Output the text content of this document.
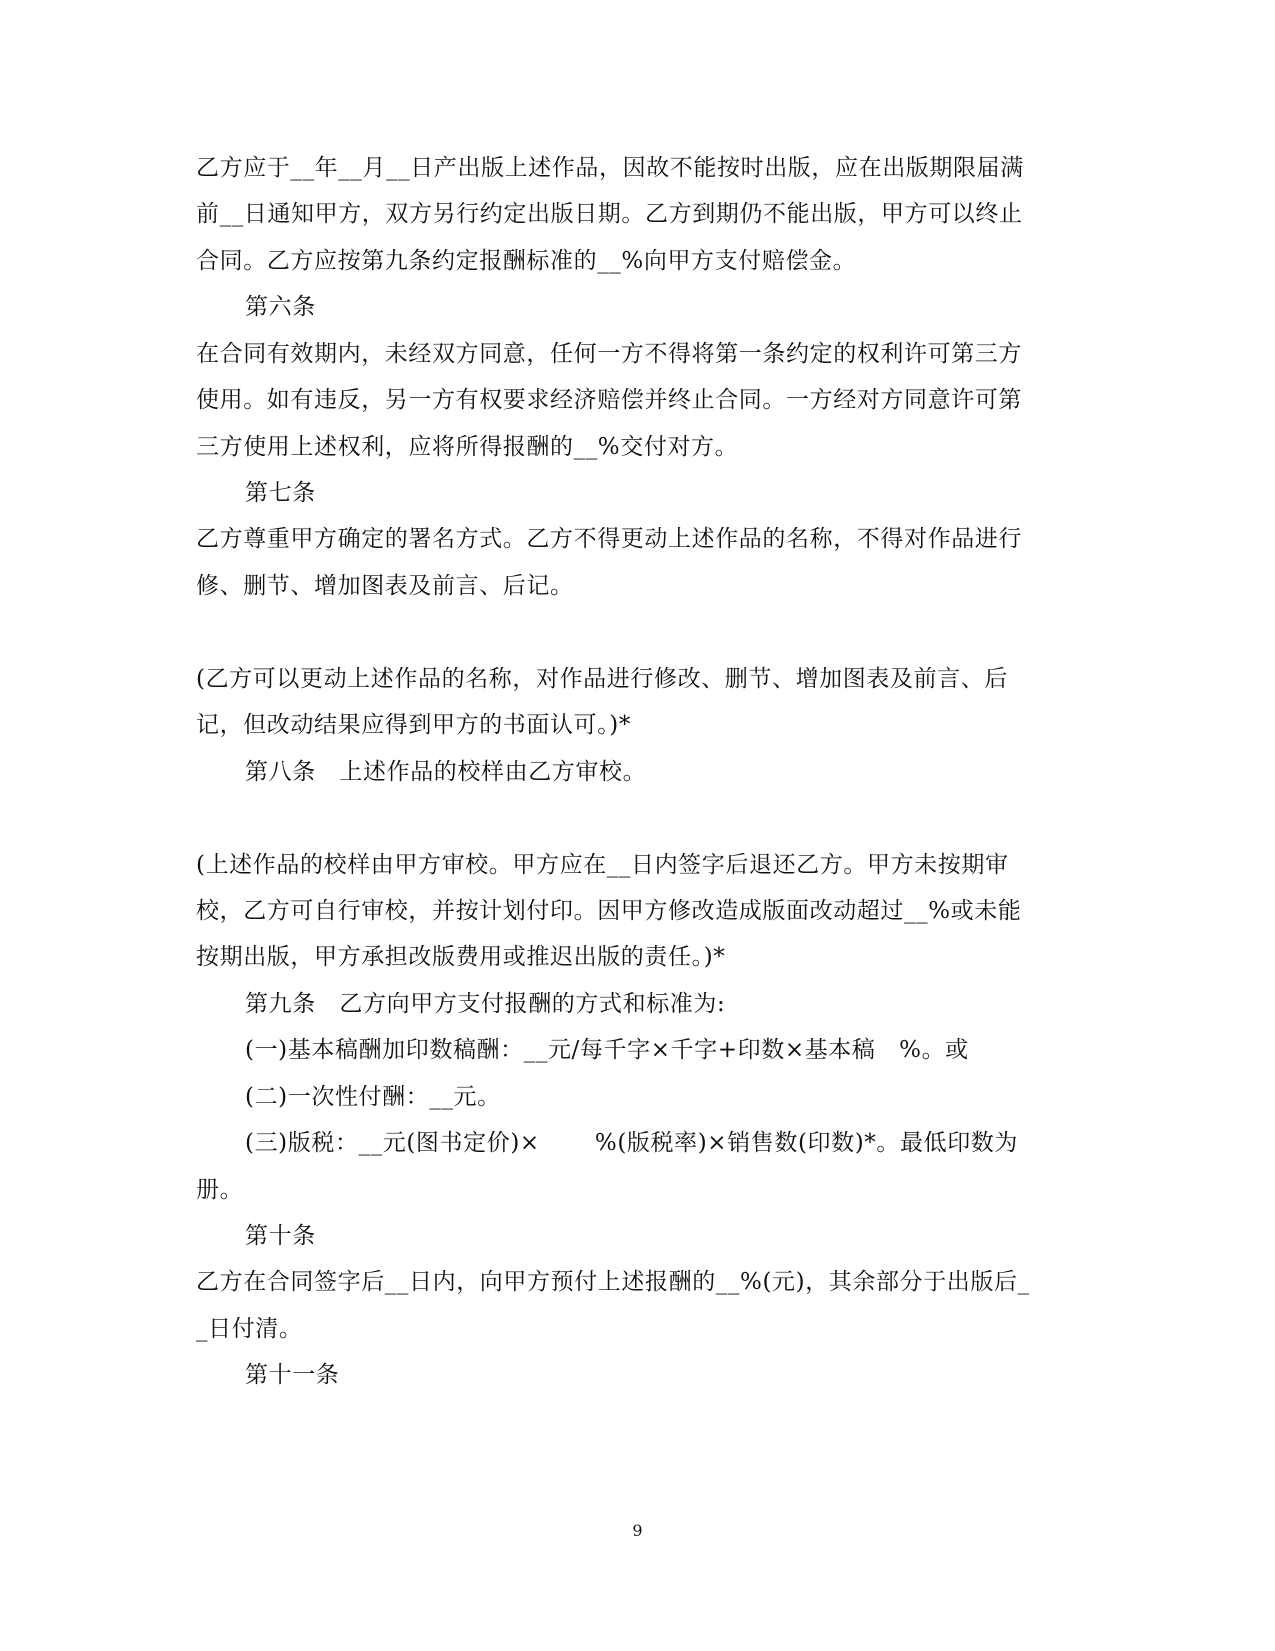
乙方应于__年__月__日产出版上述作品，因故不能按时出版，应在出版期限届满
前__日通知甲方，双方另行约定出版日期。乙方到期仍不能出版，甲方可以终止
合同。乙方应按第九条约定报酬标准的__%向甲方支付赔偿金。
第六条
在合同有效期内，未经双方同意，任何一方不得将第一条约定的权利许可第三方
使用。如有违反，另一方有权要求经济赔偿并终止合同。一方经对方同意许可第
三方使用上述权利，应将所得报酬的__%交付对方。
第七条
乙方尊重甲方确定的署名方式。乙方不得更动上述作品的名称，不得对作品进行
修、删节、增加图表及前言、后记。
(乙方可以更动上述作品的名称，对作品进行修改、删节、增加图表及前言、后
记，但改动结果应得到甲方的书面认可。)*
第八条　上述作品的校样由乙方审校。
(上述作品的校样由甲方审校。甲方应在__日内签字后退还乙方。甲方未按期审
校，乙方可自行审校，并按计划付印。因甲方修改造成版面改动超过__%或未能
按期出版，甲方承担改版费用或推迟出版的责任。)*
第九条　乙方向甲方支付报酬的方式和标准为:
(一)基本稿酬加印数稿酬：__元/每千字×千字+印数×基本稿　%。或
(二)一次性付酬：__元。
(三)版税：__元(图书定价)×　　 %(版税率)×销售数(印数)*。最低印数为
册。
第十条
乙方在合同签字后__日内，向甲方预付上述报酬的__%(元)，其余部分于出版后_
_日付清。
第十一条
9
